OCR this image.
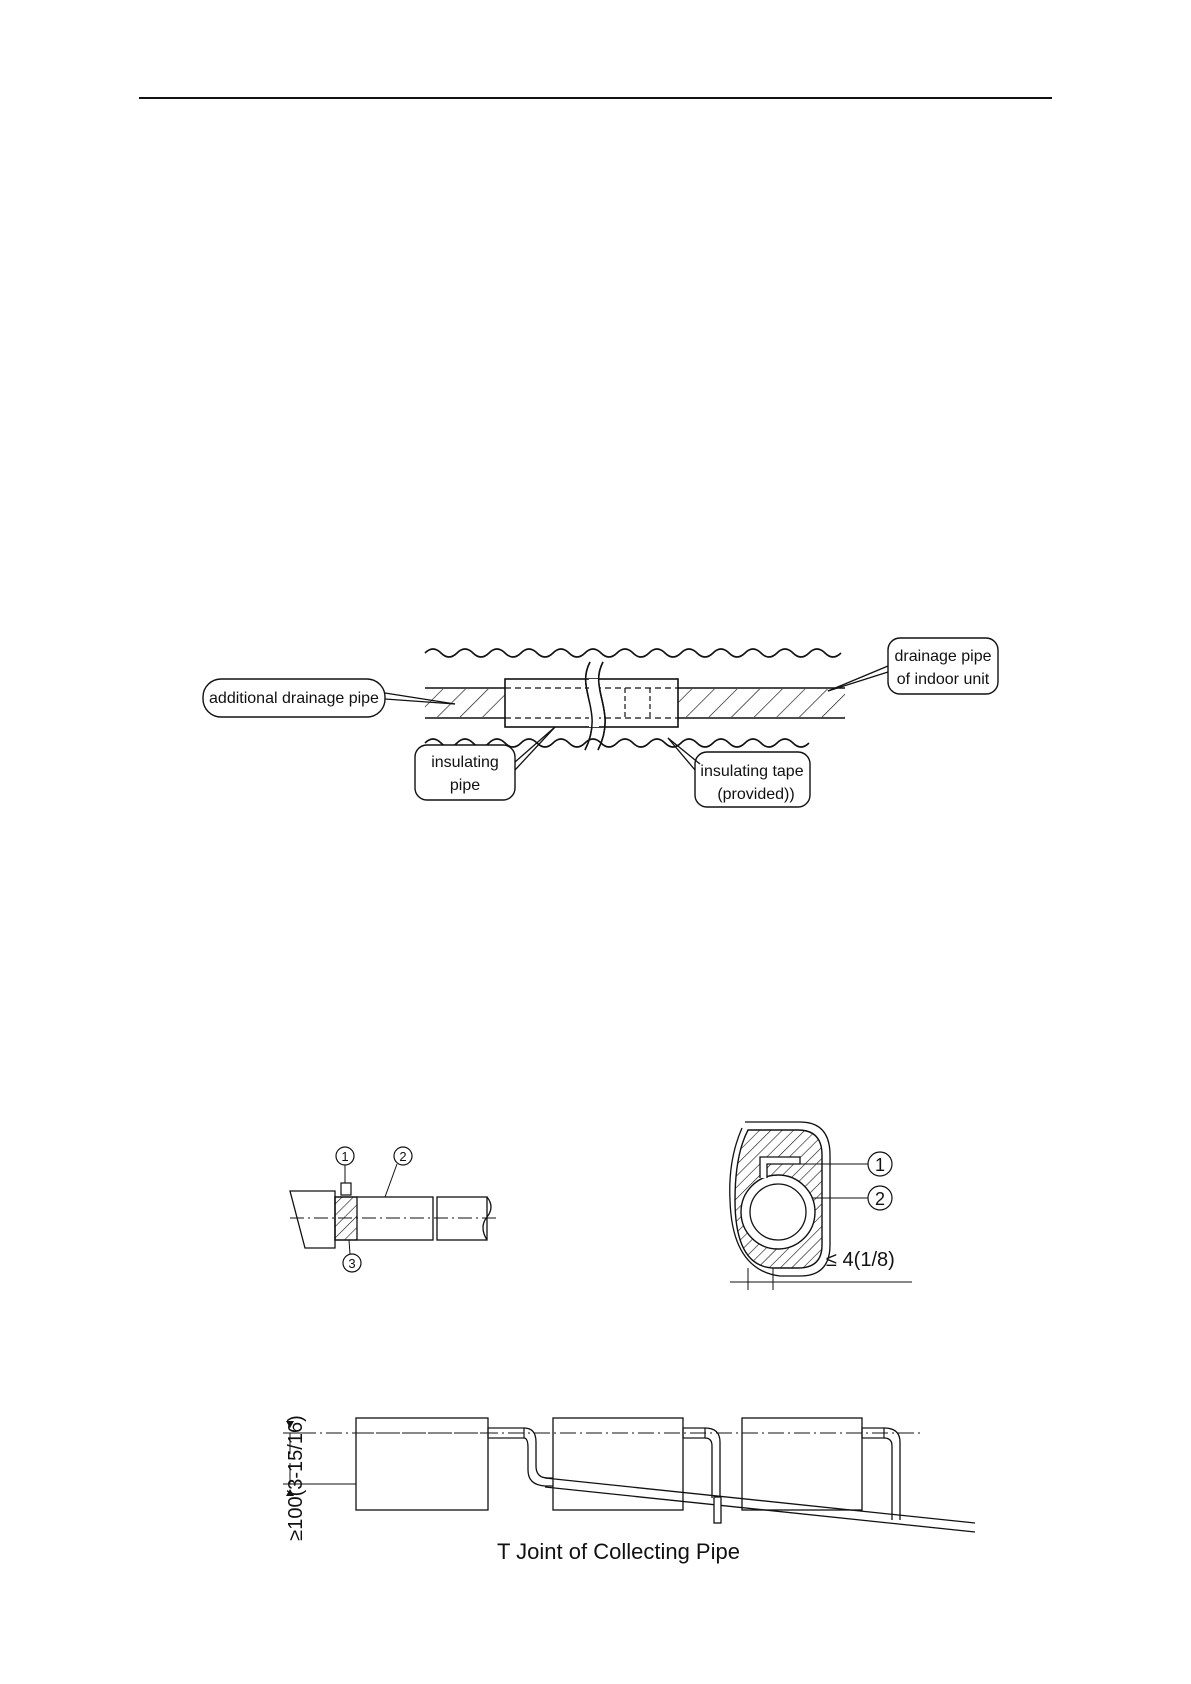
additional drainage pipe
drainage pipe
of indoor unit
insulating
pipe
insulating tape
(provided))
1	2
3
1
2
≤ 4(1/8)
≥100(3-15/16)
T Joint of Collecting Pipe
